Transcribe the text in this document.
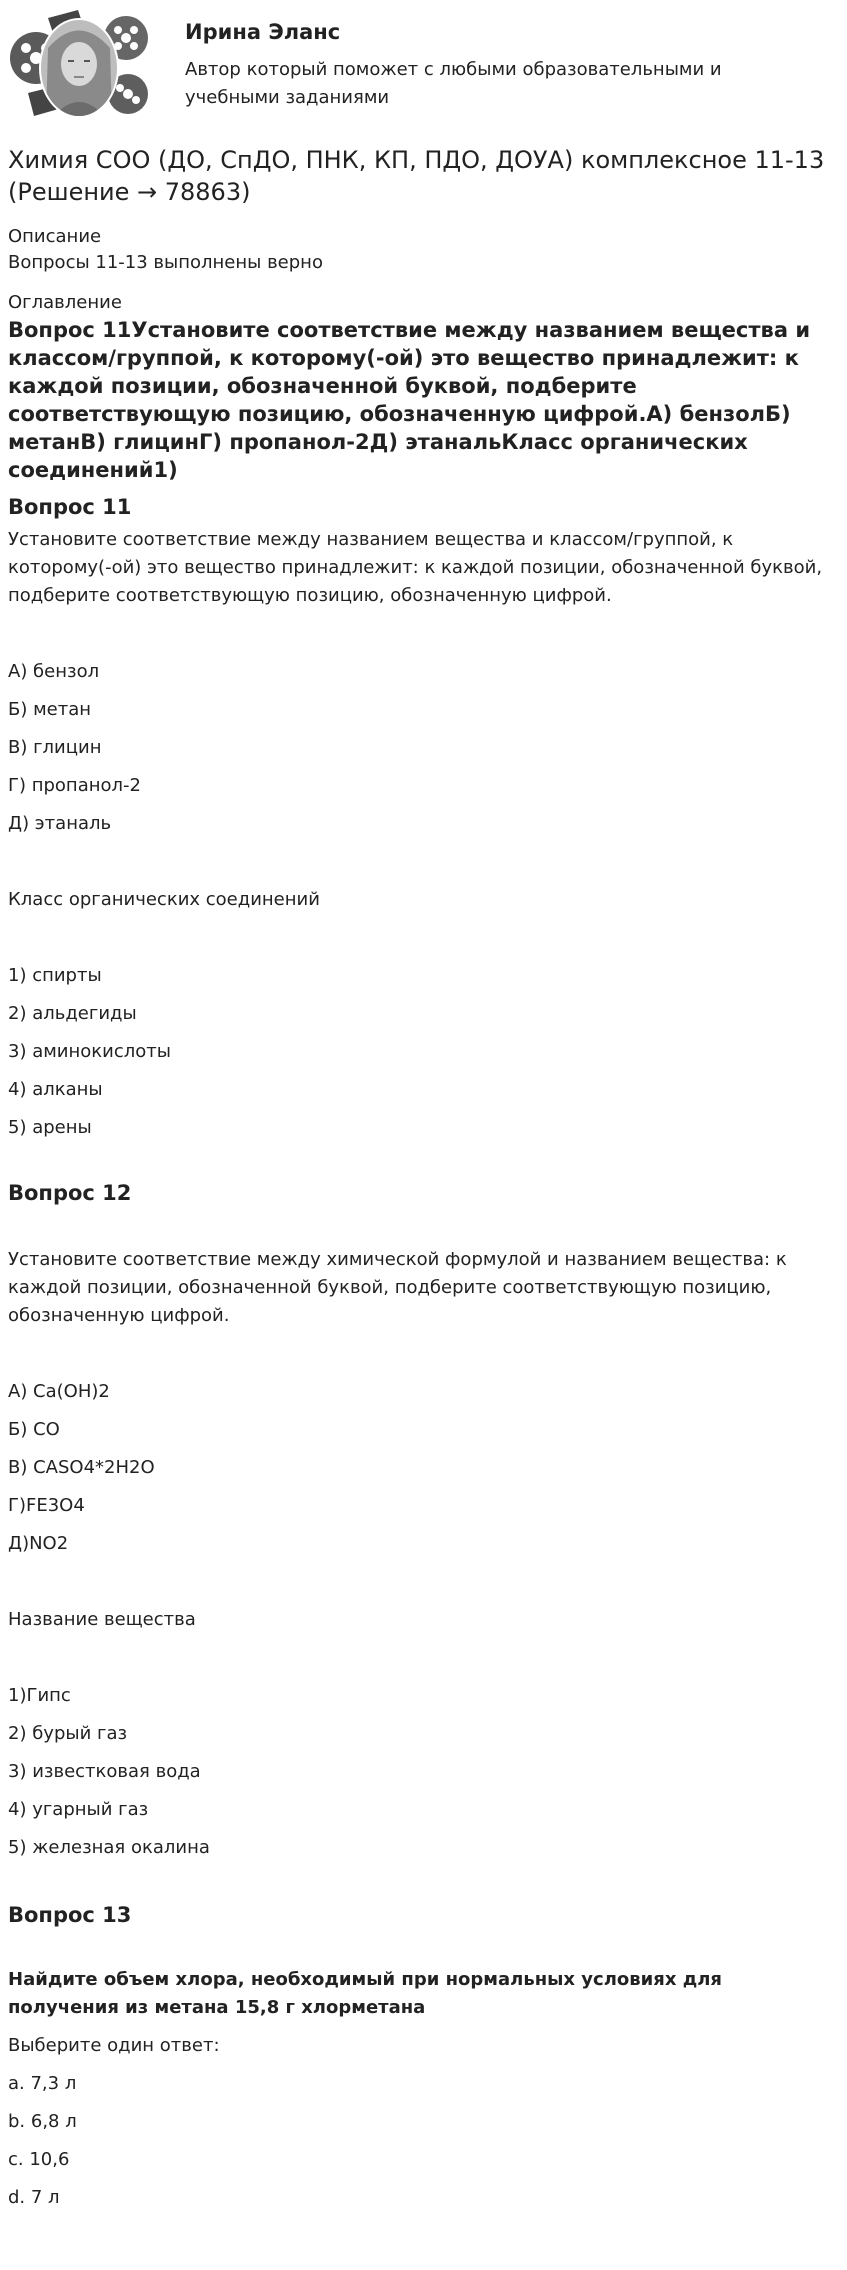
Ирина Эланс
Автор который поможет с любыми образовательными и учебными заданиями
Химия СОО (ДО, СпДО, ПНК, КП, ПДО, ДОУА) комплексное 11-13 (Решение → 78863)
Описание
Вопросы 11-13 выполнены верно
Оглавление
Вопрос 11Установите соответствие между названием вещества и классом/группой, к которому(-ой) это вещество принадлежит: к каждой позиции, обозначенной буквой, подберите соответствующую позицию, обозначенную цифрой.А) бензолБ) метанВ) глицинГ) пропанол-2Д) этанальКласс органических соединений1)
Вопрос 11

Установите соответствие между названием вещества и классом/группой, к которому(-ой) это вещество принадлежит: к каждой позиции, обозначенной буквой, подберите соответствующую позицию, обозначенную цифрой.

А) бензол

Б) метан

В) глицин

Г) пропанол-2

Д) этаналь

Класс органических соединений

1) спирты

2) альдегиды

3) аминокислоты

4) алканы

5) арены

Вопрос 12

Установите соответствие между химической формулой и названием вещества: к каждой позиции, обозначенной буквой, подберите соответствующую позицию, обозначенную цифрой.

А) Ca(OH)2

Б) CO

В) CASO4*2H2O

Г)FE3O4

Д)NO2

Название вещества

1)Гипс

2) бурый газ

3) известковая вода

4) угарный газ

5) железная окалина

Вопрос 13

Найдите объем хлора, необходимый при нормальных условиях для получения из метана 15,8 г хлорметана

Выберите один ответ:

a. 7,3 л

b. 6,8 л

c. 10,6

d. 7 л
